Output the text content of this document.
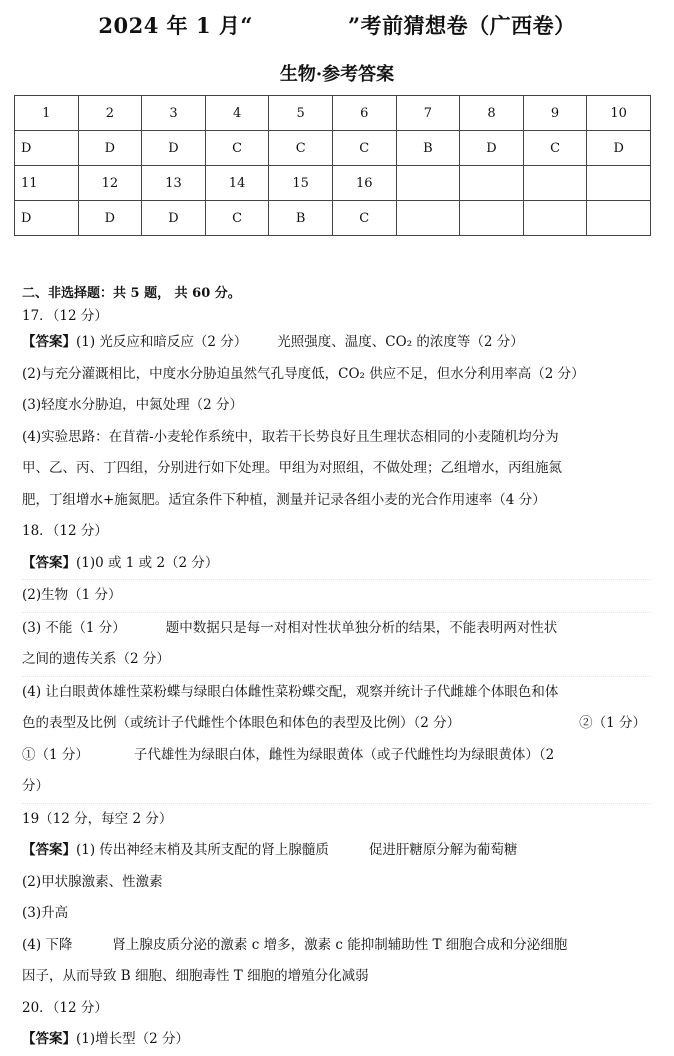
2024 年 1 月“	”考前猜想卷（广西卷）
生物·参考答案
1	2	3	4	5	6	7	8	9	10
D	D	D	C	C	C	B	D	C	D
11	12	13	14	15	16				
D	D	D	C	B	C				
二、非选择题：共 5 题， 共 60 分。
17．（12 分）
【答案】(1) 光反应和暗反应（2 分） 光照强度、温度、CO₂ 的浓度等（2 分）
(2)与充分灌溉相比，中度水分胁迫虽然气孔导度低，CO₂ 供应不足，但水分利用率高（2 分）
(3)轻度水分胁迫，中氮处理（2 分）
(4)实验思路：在苜蓿-小麦轮作系统中，取若干长势良好且生理状态相同的小麦随机均分为
甲、乙、丙、丁四组，分别进行如下处理。甲组为对照组，不做处理；乙组增水，丙组施氮
肥，丁组增水+施氮肥。适宜条件下种植，测量并记录各组小麦的光合作用速率（4 分）
18．（12 分）
【答案】(1)0 或 1 或 2（2 分）
(2)生物（1 分）
(3) 不能（1 分）	题中数据只是每一对相对性状单独分析的结果，不能表明两对性状
之间的遗传关系（2 分）
(4) 让白眼黄体雄性菜粉蝶与绿眼白体雌性菜粉蝶交配，观察并统计子代雌雄个体眼色和体
色的表型及比例（或统计子代雌性个体眼色和体色的表型及比例）（2 分）	②（1 分）
①（1 分）	子代雄性为绿眼白体，雌性为绿眼黄体（或子代雌性均为绿眼黄体）（2
分）
19（12 分，每空 2 分）
【答案】(1) 传出神经末梢及其所支配的肾上腺髓质	促进肝糖原分解为葡萄糖
(2)甲状腺激素、性激素
(3)升高
(4) 下降	肾上腺皮质分泌的激素 c 增多，激素 c 能抑制辅助性 T 细胞合成和分泌细胞
因子，从而导致 B 细胞、细胞毒性 T 细胞的增殖分化减弱
20．（12 分）
【答案】(1)增长型（2 分）
